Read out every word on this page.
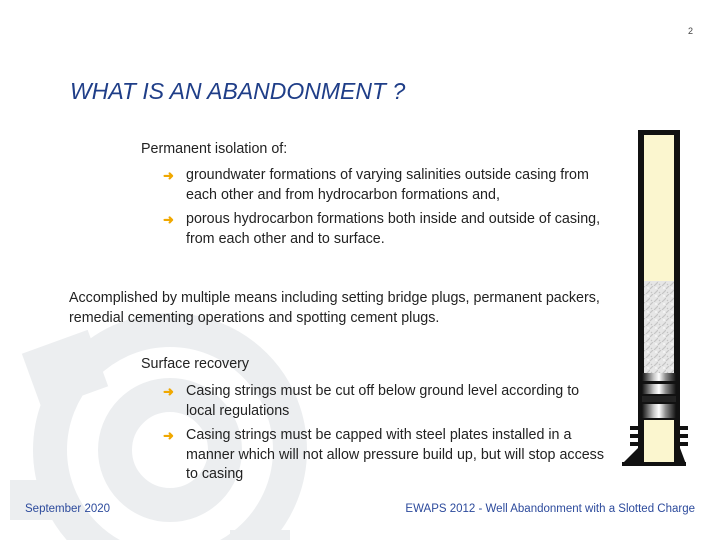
2
WHAT IS AN ABANDONMENT ?

Permanent isolation of:

➜ groundwater formations of varying salinities outside casing from each other and from hydrocarbon formations and,
➜ porous hydrocarbon formations both inside and outside of casing, from each other and to surface.

Accomplished by multiple means including setting bridge plugs, permanent packers, remedial cementing operations and spotting cement plugs.

Surface recovery

➜ Casing strings must be cut off below ground level according to local regulations
➜ Casing strings must be capped with steel plates installed in a manner which will not allow pressure build up, but will stop access to casing
September 2020	EWAPS 2012 - Well Abandonment with a Slotted Charge
